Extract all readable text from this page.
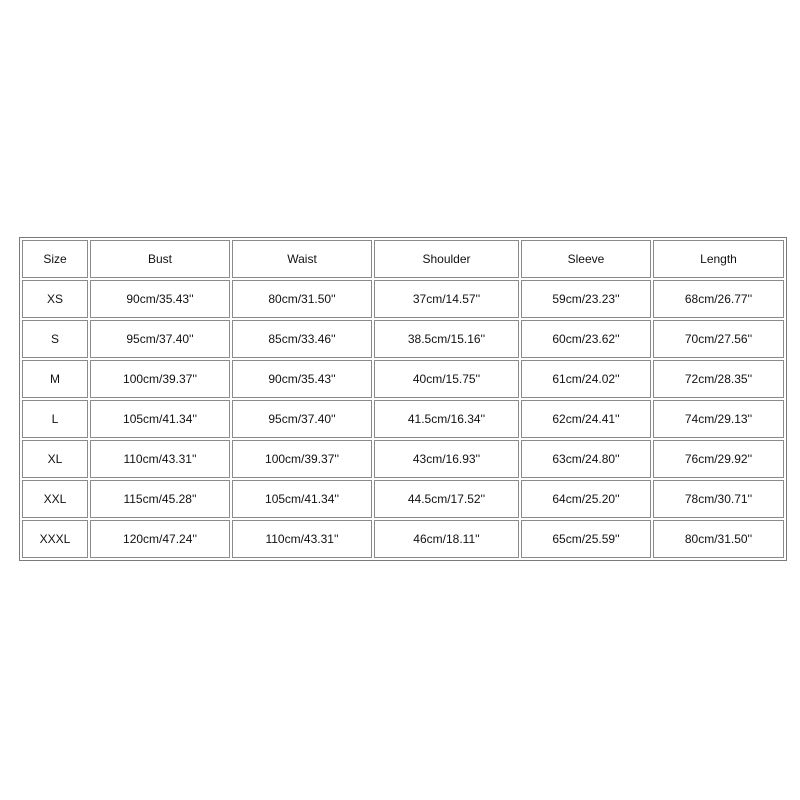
Size	Bust	Waist	Shoulder	Sleeve	Length
XS	90cm/35.43''	80cm/31.50''	37cm/14.57''	59cm/23.23''	68cm/26.77''
S	95cm/37.40''	85cm/33.46''	38.5cm/15.16''	60cm/23.62''	70cm/27.56''
M	100cm/39.37''	90cm/35.43''	40cm/15.75''	61cm/24.02''	72cm/28.35''
L	105cm/41.34''	95cm/37.40''	41.5cm/16.34''	62cm/24.41''	74cm/29.13''
XL	110cm/43.31''	100cm/39.37''	43cm/16.93''	63cm/24.80''	76cm/29.92''
XXL	115cm/45.28''	105cm/41.34''	44.5cm/17.52''	64cm/25.20''	78cm/30.71''
XXXL	120cm/47.24''	110cm/43.31''	46cm/18.11''	65cm/25.59''	80cm/31.50''
